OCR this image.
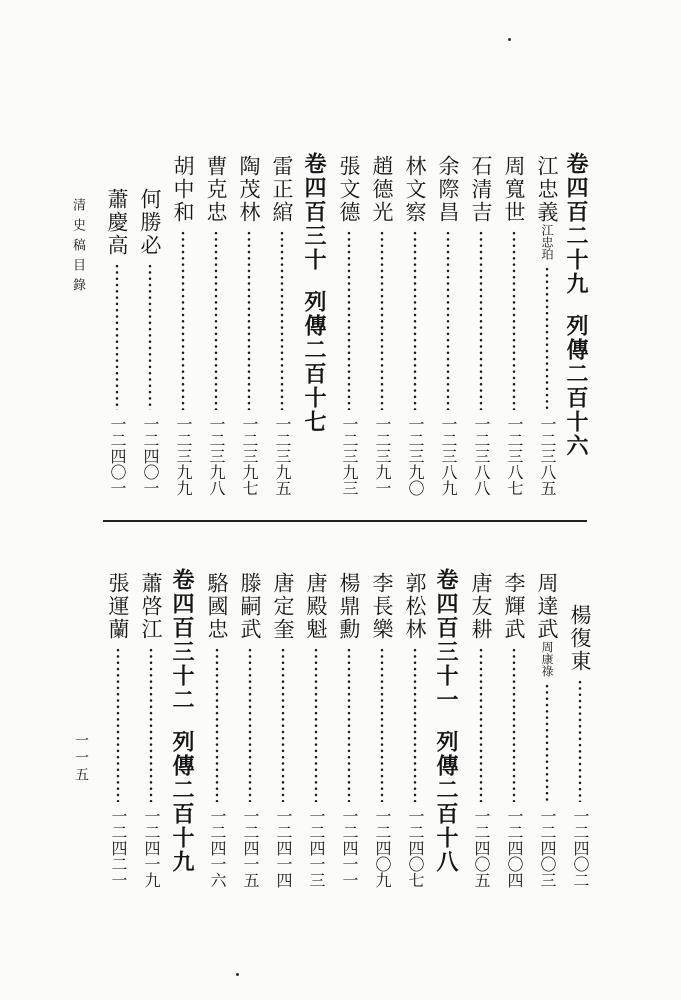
清史稿目錄	卷四百二十九列傳二百十六
江忠義江忠珀
一二三八五
周寬世
一二三八七
石清吉
一二三八八
余際昌
一二三八九
林文察
一二三九〇
趙德光
一二三九一
張文德
一二三九三
卷四百三十列傳二百十七
雷正綰
一二三九五
陶茂林
一二三九七
曹克忠
一二三九八
胡中和
一二三九九
何勝必
一二四〇一
蕭慶高
一二四〇一
楊復東
一二四〇二
周達武周康祿
一二四〇三
李輝武
一二四〇四
唐友耕
一二四〇五
卷四百三十一列傳二百十八
郭松林
一二四〇七
李長樂
一二四〇九
楊鼎勳
一二四一一
唐殿魁
一二四一三
唐定奎
一二四一四
滕嗣武
一二四一五
駱國忠
一二四一六
卷四百三十二列傳二百十九
蕭啓江
一二四一九
張運蘭
一二四二一
一一五
